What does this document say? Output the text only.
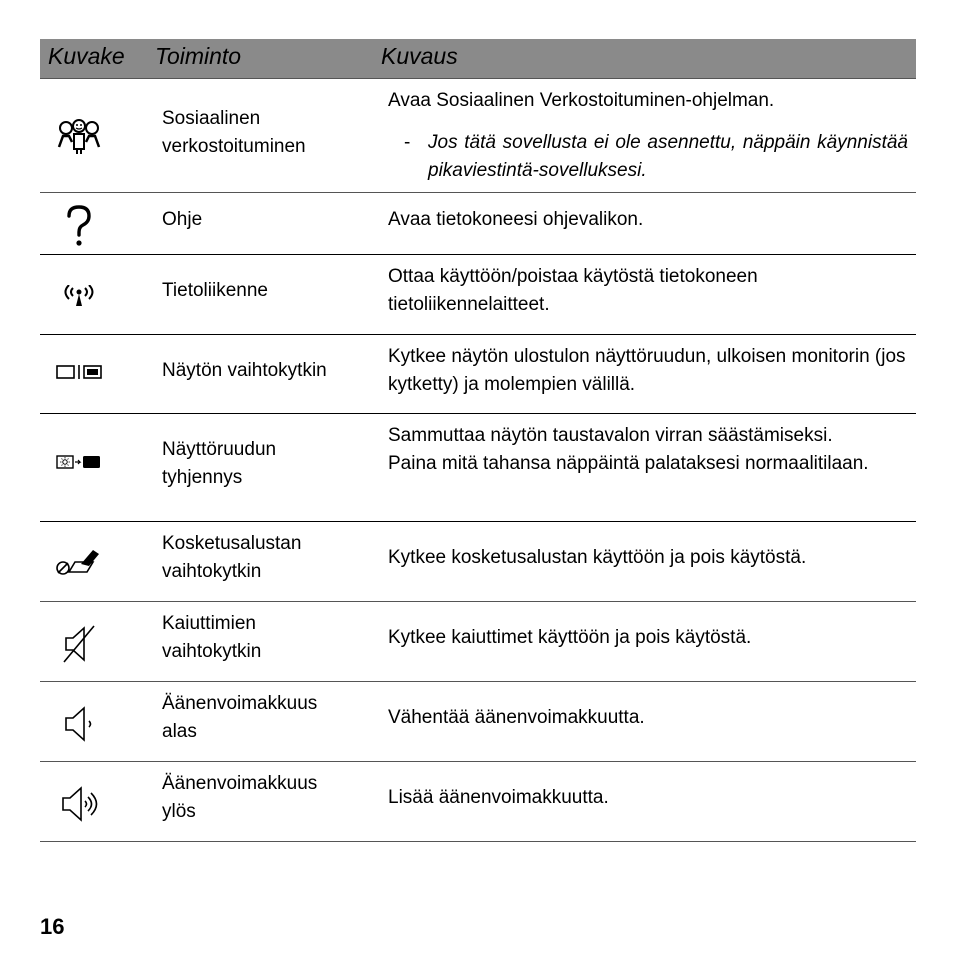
Kuvake Toiminto	Kuvaus
Sosiaalinen
verkostoituminen
Avaa Sosiaalinen Verkostoituminen-ohjelman.
- Jos tätä sovellusta ei ole asennettu, näppäin käynnistää pikaviestintä-sovelluksesi.
Ohje	Avaa tietokoneesi ohjevalikon.
Tietoliikenne
Ottaa käyttöön/poistaa käytöstä tietokoneen tietoliikennelaitteet.
Näytön vaihtokytkin
Kytkee näytön ulostulon näyttöruudun, ulkoisen monitorin (jos kytketty) ja molempien välillä.
Näyttöruudun
tyhjennys
Sammuttaa näytön taustavalon virran säästämiseksi. Paina mitä tahansa näppäintä palataksesi normaalitilaan.
Kosketusalustan
vaihtokytkin
Kytkee kosketusalustan käyttöön ja pois käytöstä.
Kaiuttimien
vaihtokytkin
Kytkee kaiuttimet käyttöön ja pois käytöstä.
Äänenvoimakkuus
alas
Vähentää äänenvoimakkuutta.
Äänenvoimakkuus
ylös
Lisää äänenvoimakkuutta.
16
